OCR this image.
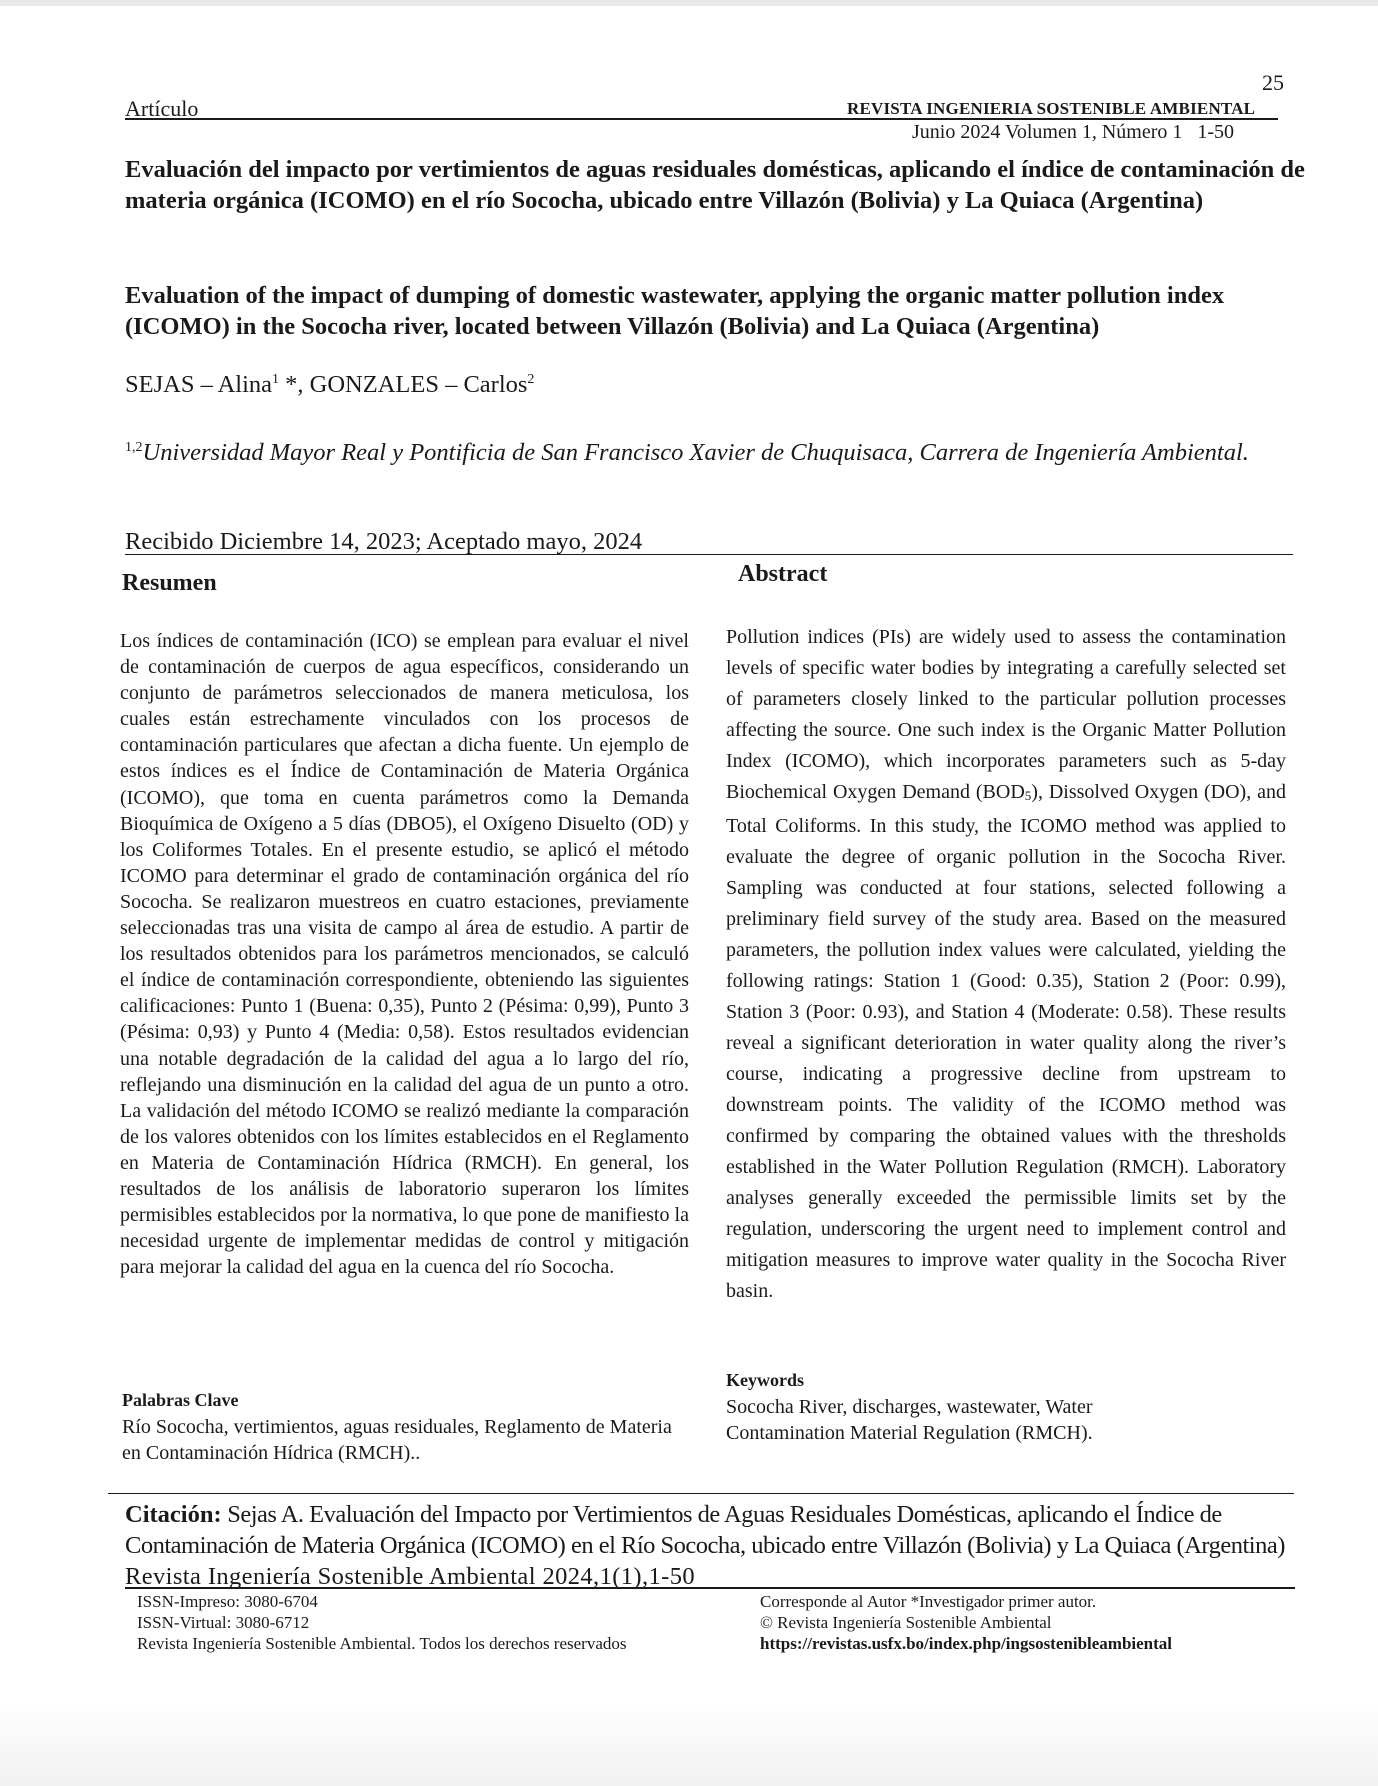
25
Artículo	REVISTA INGENIERIA SOSTENIBLE AMBIENTAL
Junio 2024 Volumen 1, Número 1   1-50
Evaluación del impacto por vertimientos de aguas residuales domésticas, aplicando el índice de contaminación de materia orgánica (ICOMO) en el río Socochа, ubicado entre Villazón (Bolivia) y La Quiaca (Argentina)
Evaluation of the impact of dumping of domestic wastewater, applying the organic matter pollution index (ICOMO) in the Socochа river, located between Villazón (Bolivia) and La Quiaca (Argentina)
SEJAS – Alina$^1$ *, GONZALES – Carlos$^2$
$^{1,2}$Universidad Mayor Real y Pontificia de San Francisco Xavier de Chuquisaca, Carrera de Ingeniería Ambiental.
Recibido Diciembre 14, 2023; Aceptado mayo, 2024
Resumen	Abstract
Los índices de contaminación (ICO) se emplean para evaluar el nivel de contaminación de cuerpos de agua específicos, considerando un conjunto de parámetros seleccionados de manera meticulosa, los cuales están estrechamente vinculados con los procesos de contaminación particulares que afectan a dicha fuente. Un ejemplo de estos índices es el Índice de Contaminación de Materia Orgánica (ICOMO), que toma en cuenta parámetros como la Demanda Bioquímica de Oxígeno a 5 días (DBO5), el Oxígeno Disuelto (OD) y los Coliformes Totales. En el presente estudio, se aplicó el método ICOMO para determinar el grado de contaminación orgánica del río Socochа. Se realizaron muestreos en cuatro estaciones, previamente seleccionadas tras una visita de campo al área de estudio. A partir de los resultados obtenidos para los parámetros mencionados, se calculó el índice de contaminación correspondiente, obteniendo las siguientes calificaciones: Punto 1 (Buena: 0,35), Punto 2 (Pésima: 0,99), Punto 3 (Pésima: 0,93) y Punto 4 (Media: 0,58). Estos resultados evidencian una notable degradación de la calidad del agua a lo largo del río, reflejando una disminución en la calidad del agua de un punto a otro. La validación del método ICOMO se realizó mediante la comparación de los valores obtenidos con los límites establecidos en el Reglamento en Materia de Contaminación Hídrica (RMCH). En general, los resultados de los análisis de laboratorio superaron los límites permisibles establecidos por la normativa, lo que pone de manifiesto la necesidad urgente de implementar medidas de control y mitigación para mejorar la calidad del agua en la cuenca del río Socochа.
Pollution indices (PIs) are widely used to assess the contamination levels of specific water bodies by integrating a carefully selected set of parameters closely linked to the particular pollution processes affecting the source. One such index is the Organic Matter Pollution Index (ICOMO), which incorporates parameters such as 5-day Biochemical Oxygen Demand $(BOD_5)$, Dissolved Oxygen (DO), and Total Coliforms. In this study, the ICOMO method was applied to evaluate the degree of organic pollution in the Socochа River. Sampling was conducted at four stations, selected following a preliminary field survey of the study area. Based on the measured parameters, the pollution index values were calculated, yielding the following ratings: Station 1 (Good: 0.35), Station 2 (Poor: 0.99), Station 3 (Poor: 0.93), and Station 4 (Moderate: 0.58). These results reveal a significant deterioration in water quality along the river’s course, indicating a progressive decline from upstream to downstream points. The validity of the ICOMO method was confirmed by comparing the obtained values with the thresholds established in the Water Pollution Regulation (RMCH). Laboratory analyses generally exceeded the permissible limits set by the regulation, underscoring the urgent need to implement control and mitigation measures to improve water quality in the Socochа River basin.
Palabras Clave
Río Socochа, vertimientos, aguas residuales, Reglamento de Materia en Contaminación Hídrica (RMCH)..
Keywords
Socochа River, discharges, wastewater, Water Contamination Material Regulation (RMCH).
Citación: Sejas A. Evaluación del Impacto por Vertimientos de Aguas Residuales Domésticas, aplicando el Índice de Contaminación de Materia Orgánica (ICOMO) en el Río Socochа, ubicado entre Villazón (Bolivia) y La Quiaca (Argentina)
Revista Ingeniería Sostenible Ambiental 2024,1(1),1-50
ISSN-Impreso: 3080-6704
ISSN-Virtual: 3080-6712
Revista Ingeniería Sostenible Ambiental. Todos los derechos reservados
Corresponde al Autor *Investigador primer autor.
© Revista Ingeniería Sostenible Ambiental
https://revistas.usfx.bo/index.php/ingsostenibleambiental
